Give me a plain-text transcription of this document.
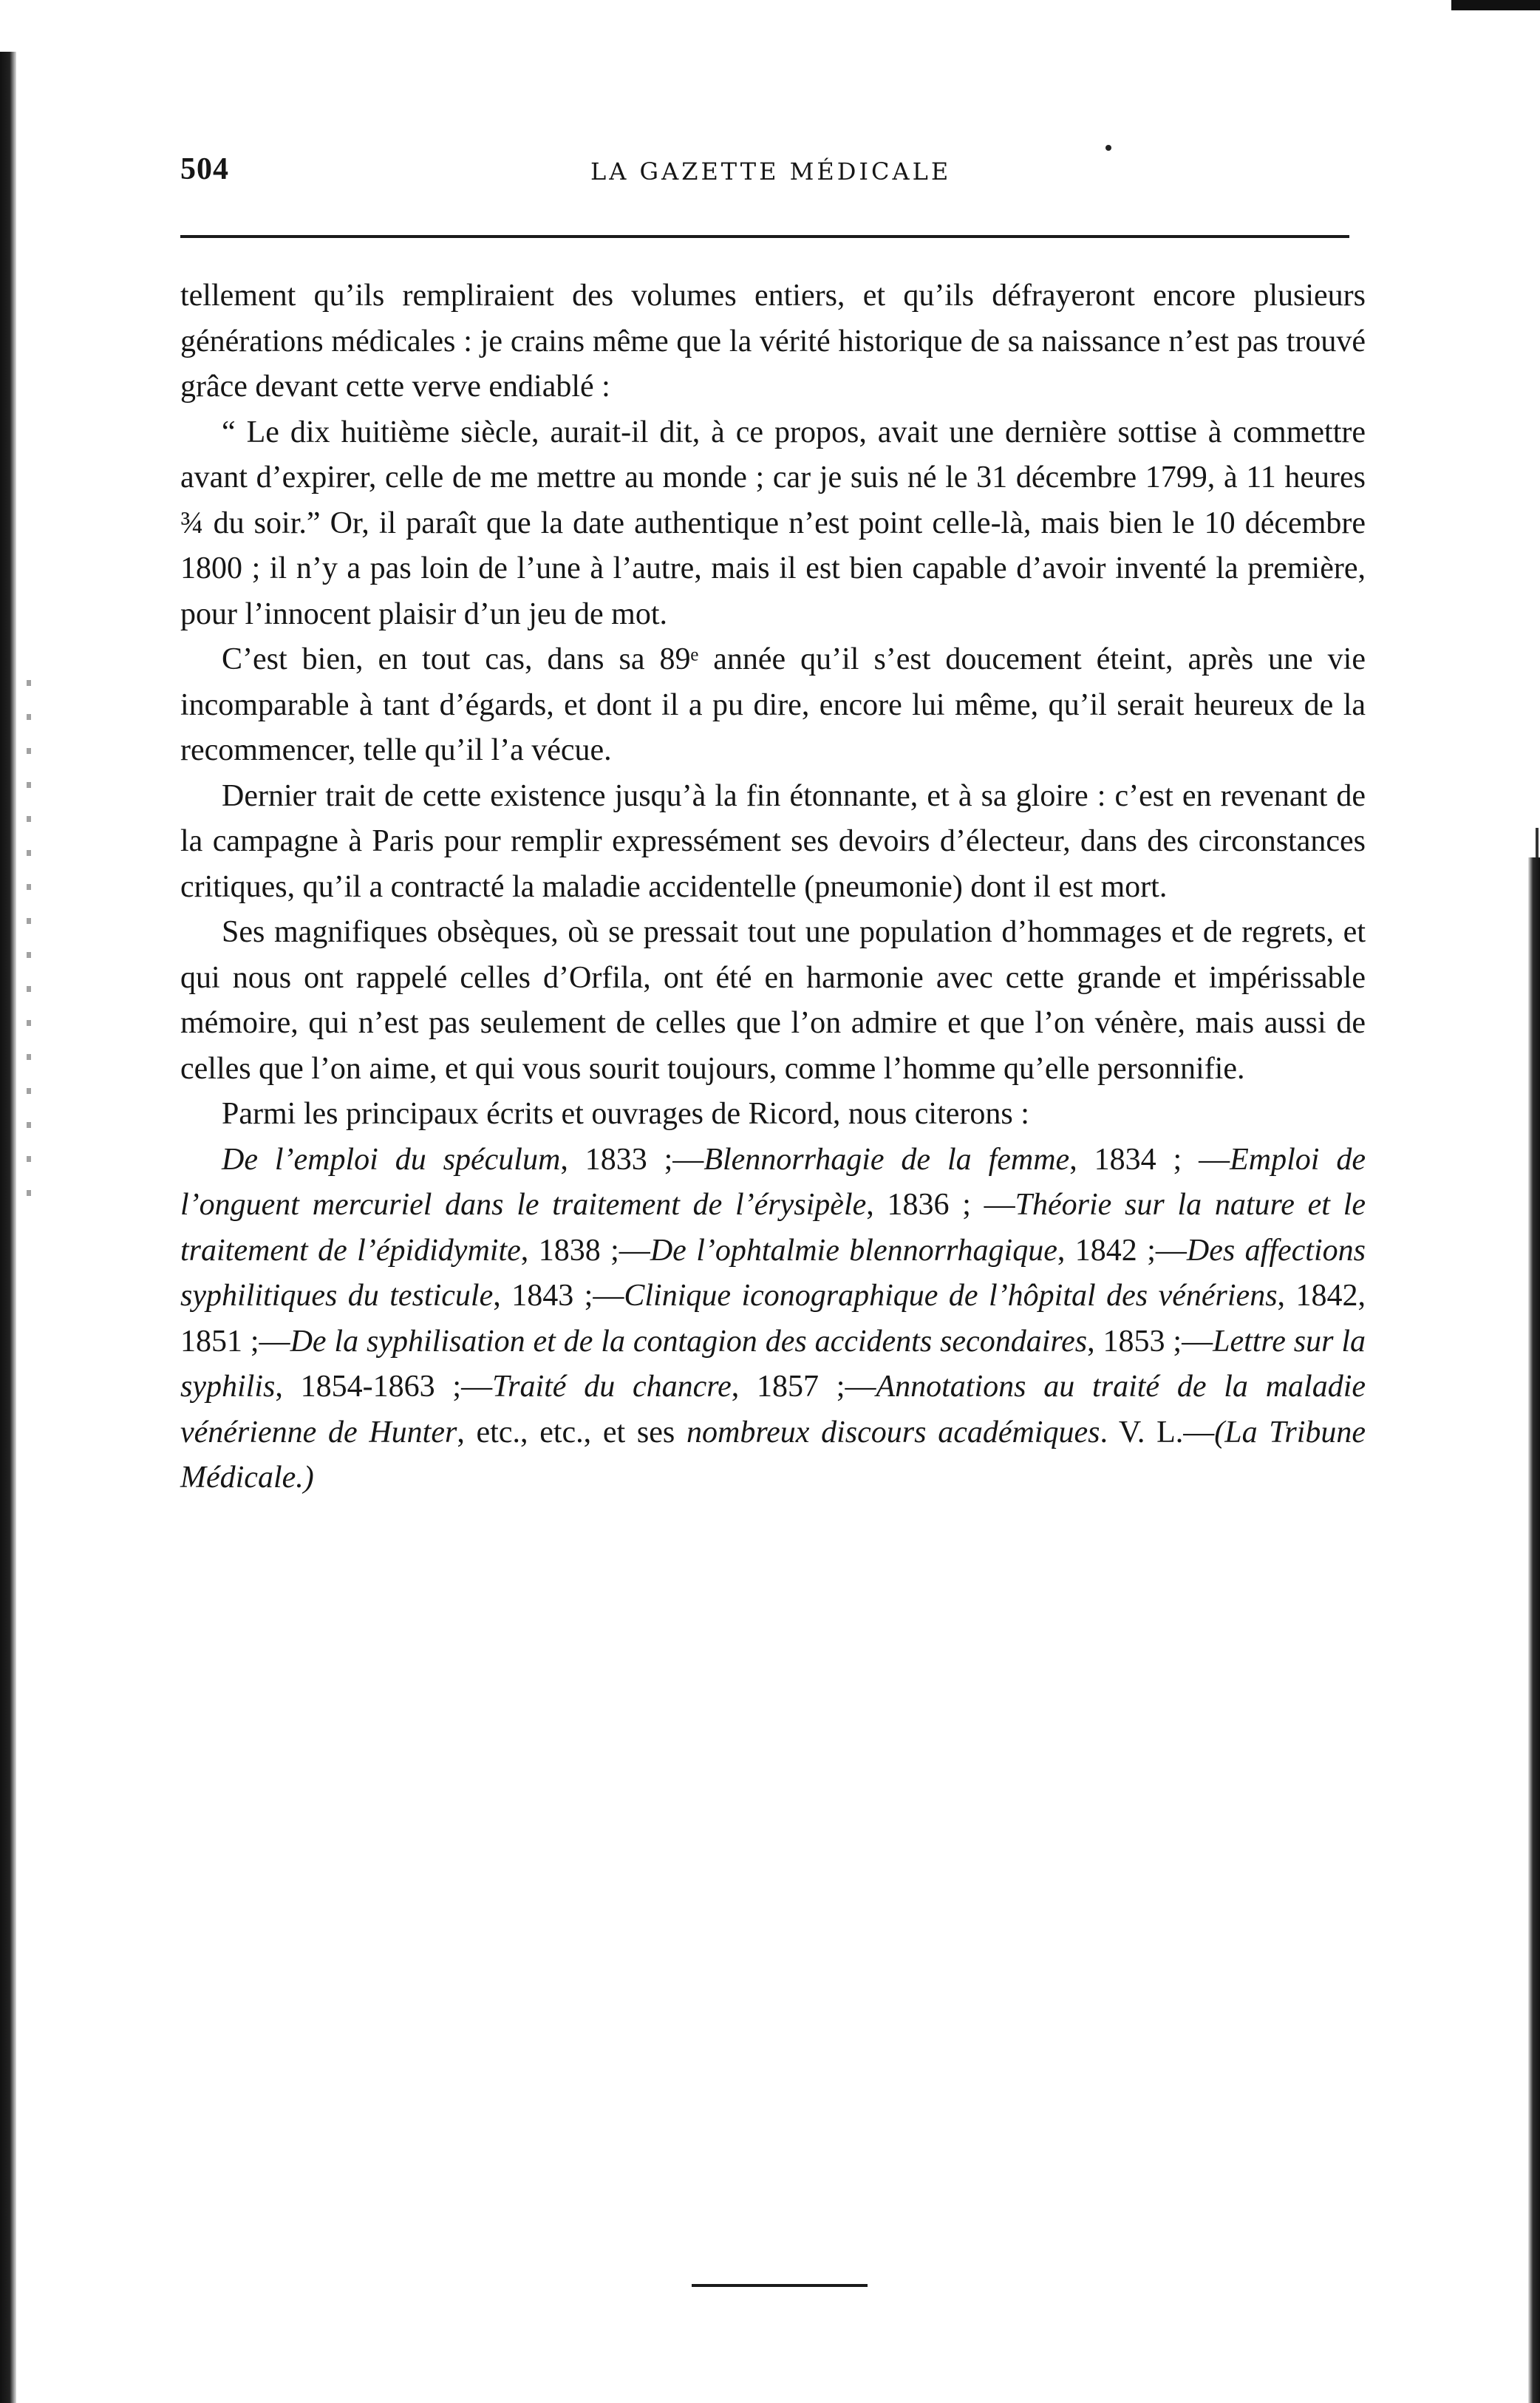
504	LA GAZETTE MÉDICALE

tellement qu’ils rempliraient des volumes entiers, et qu’ils défrayeront encore plusieurs générations médicales : je crains même que la vérité historique de sa naissance n’est pas trouvé grâce devant cette verve endiablé :

“ Le dix huitième siècle, aurait-il dit, à ce propos, avait une dernière sottise à commettre avant d’expirer, celle de me mettre au monde ; car je suis né le 31 décembre 1799, à 11 heures ¾ du soir.” Or, il paraît que la date authentique n’est point celle-là, mais bien le 10 décembre 1800 ; il n’y a pas loin de l’une à l’autre, mais il est bien capable d’avoir inventé la première, pour l’innocent plaisir d’un jeu de mot.

C’est bien, en tout cas, dans sa 89ᵉ année qu’il s’est doucement éteint, après une vie incomparable à tant d’égards, et dont il a pu dire, encore lui même, qu’il serait heureux de la recommencer, telle qu’il l’a vécue.

Dernier trait de cette existence jusqu’à la fin étonnante, et à sa gloire : c’est en revenant de la campagne à Paris pour remplir expressément ses devoirs d’électeur, dans des circonstances critiques, qu’il a contracté la maladie accidentelle (pneumonie) dont il est mort.

Ses magnifiques obsèques, où se pressait tout une population d’hommages et de regrets, et qui nous ont rappelé celles d’Orfila, ont été en harmonie avec cette grande et impérissable mémoire, qui n’est pas seulement de celles que l’on admire et que l’on vénère, mais aussi de celles que l’on aime, et qui vous sourit toujours, comme l’homme qu’elle personnifie.

Parmi les principaux écrits et ouvrages de Ricord, nous citerons :

De l’emploi du spéculum, 1833 ;—Blennorrhagie de la femme, 1834 ; —Emploi de l’onguent mercuriel dans le traitement de l’érysipèle, 1836 ; —Théorie sur la nature et le traitement de l’épididymite, 1838 ;—De l’ophtalmie blennorrhagique, 1842 ;—Des affections syphilitiques du testicule, 1843 ;—Clinique iconographique de l’hôpital des vénériens, 1842, 1851 ;—De la syphilisation et de la contagion des accidents secondaires, 1853 ;—Lettre sur la syphilis, 1854-1863 ;—Traité du chancre, 1857 ;—Annotations au traité de la maladie vénérienne de Hunter, etc., etc., et ses nombreux discours académiques. V. L.—(La Tribune Médicale.)
